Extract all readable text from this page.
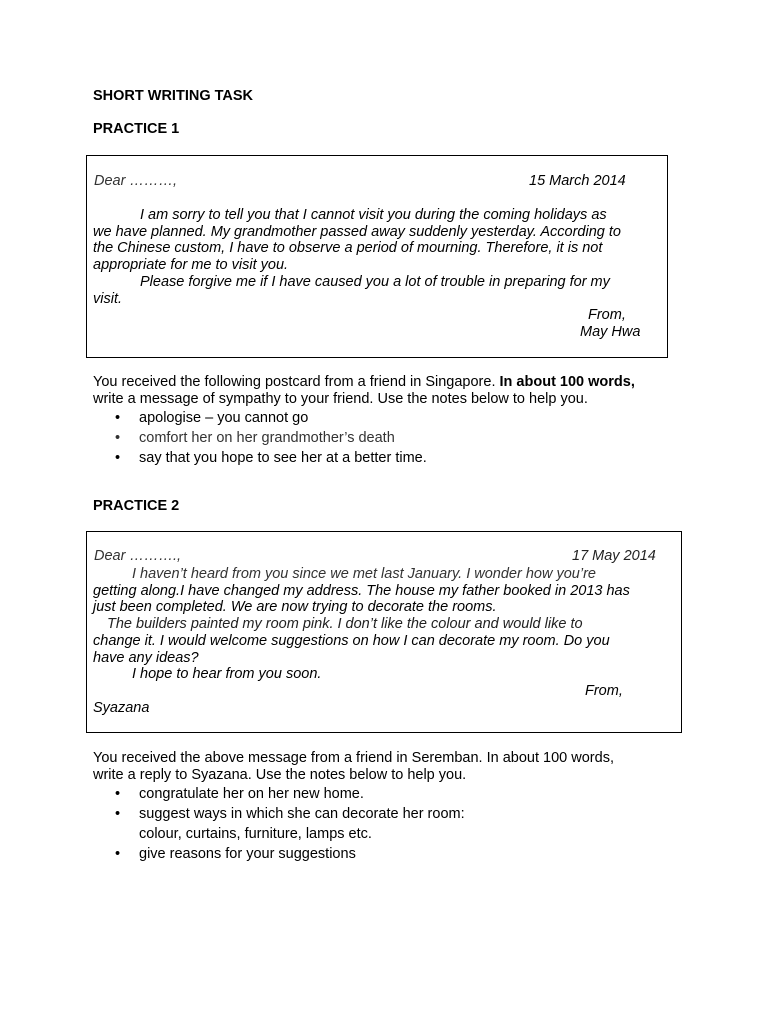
SHORT WRITING TASK
PRACTICE 1
Dear ………,	15 March 2014
I am sorry to tell you that I cannot visit you during the coming holidays as
we have planned. My grandmother passed away suddenly yesterday. According to
the Chinese custom, I have to observe a period of mourning. Therefore, it is not
appropriate for me to visit you.
Please forgive me if I have caused you a lot of trouble in preparing for my
visit.
From,
May Hwa
You received the following postcard from a friend in Singapore. In about 100 words,
write a message of sympathy to your friend. Use the notes below to help you.
• apologise – you cannot go
• comfort her on her grandmother’s death
• say that you hope to see her at a better time.
PRACTICE 2
Dear ……….,	17 May 2014
I haven’t heard from you since we met last January. I wonder how you’re
getting along.I have changed my address. The house my father booked in 2013 has
just been completed. We are now trying to decorate the rooms.
The builders painted my room pink. I don’t like the colour and would like to
change it. I would welcome suggestions on how I can decorate my room. Do you
have any ideas?
I hope to hear from you soon.
From,
Syazana
You received the above message from a friend in Seremban. In about 100 words,
write a reply to Syazana. Use the notes below to help you.
• congratulate her on her new home.
• suggest ways in which she can decorate her room:
colour, curtains, furniture, lamps etc.
• give reasons for your suggestions
